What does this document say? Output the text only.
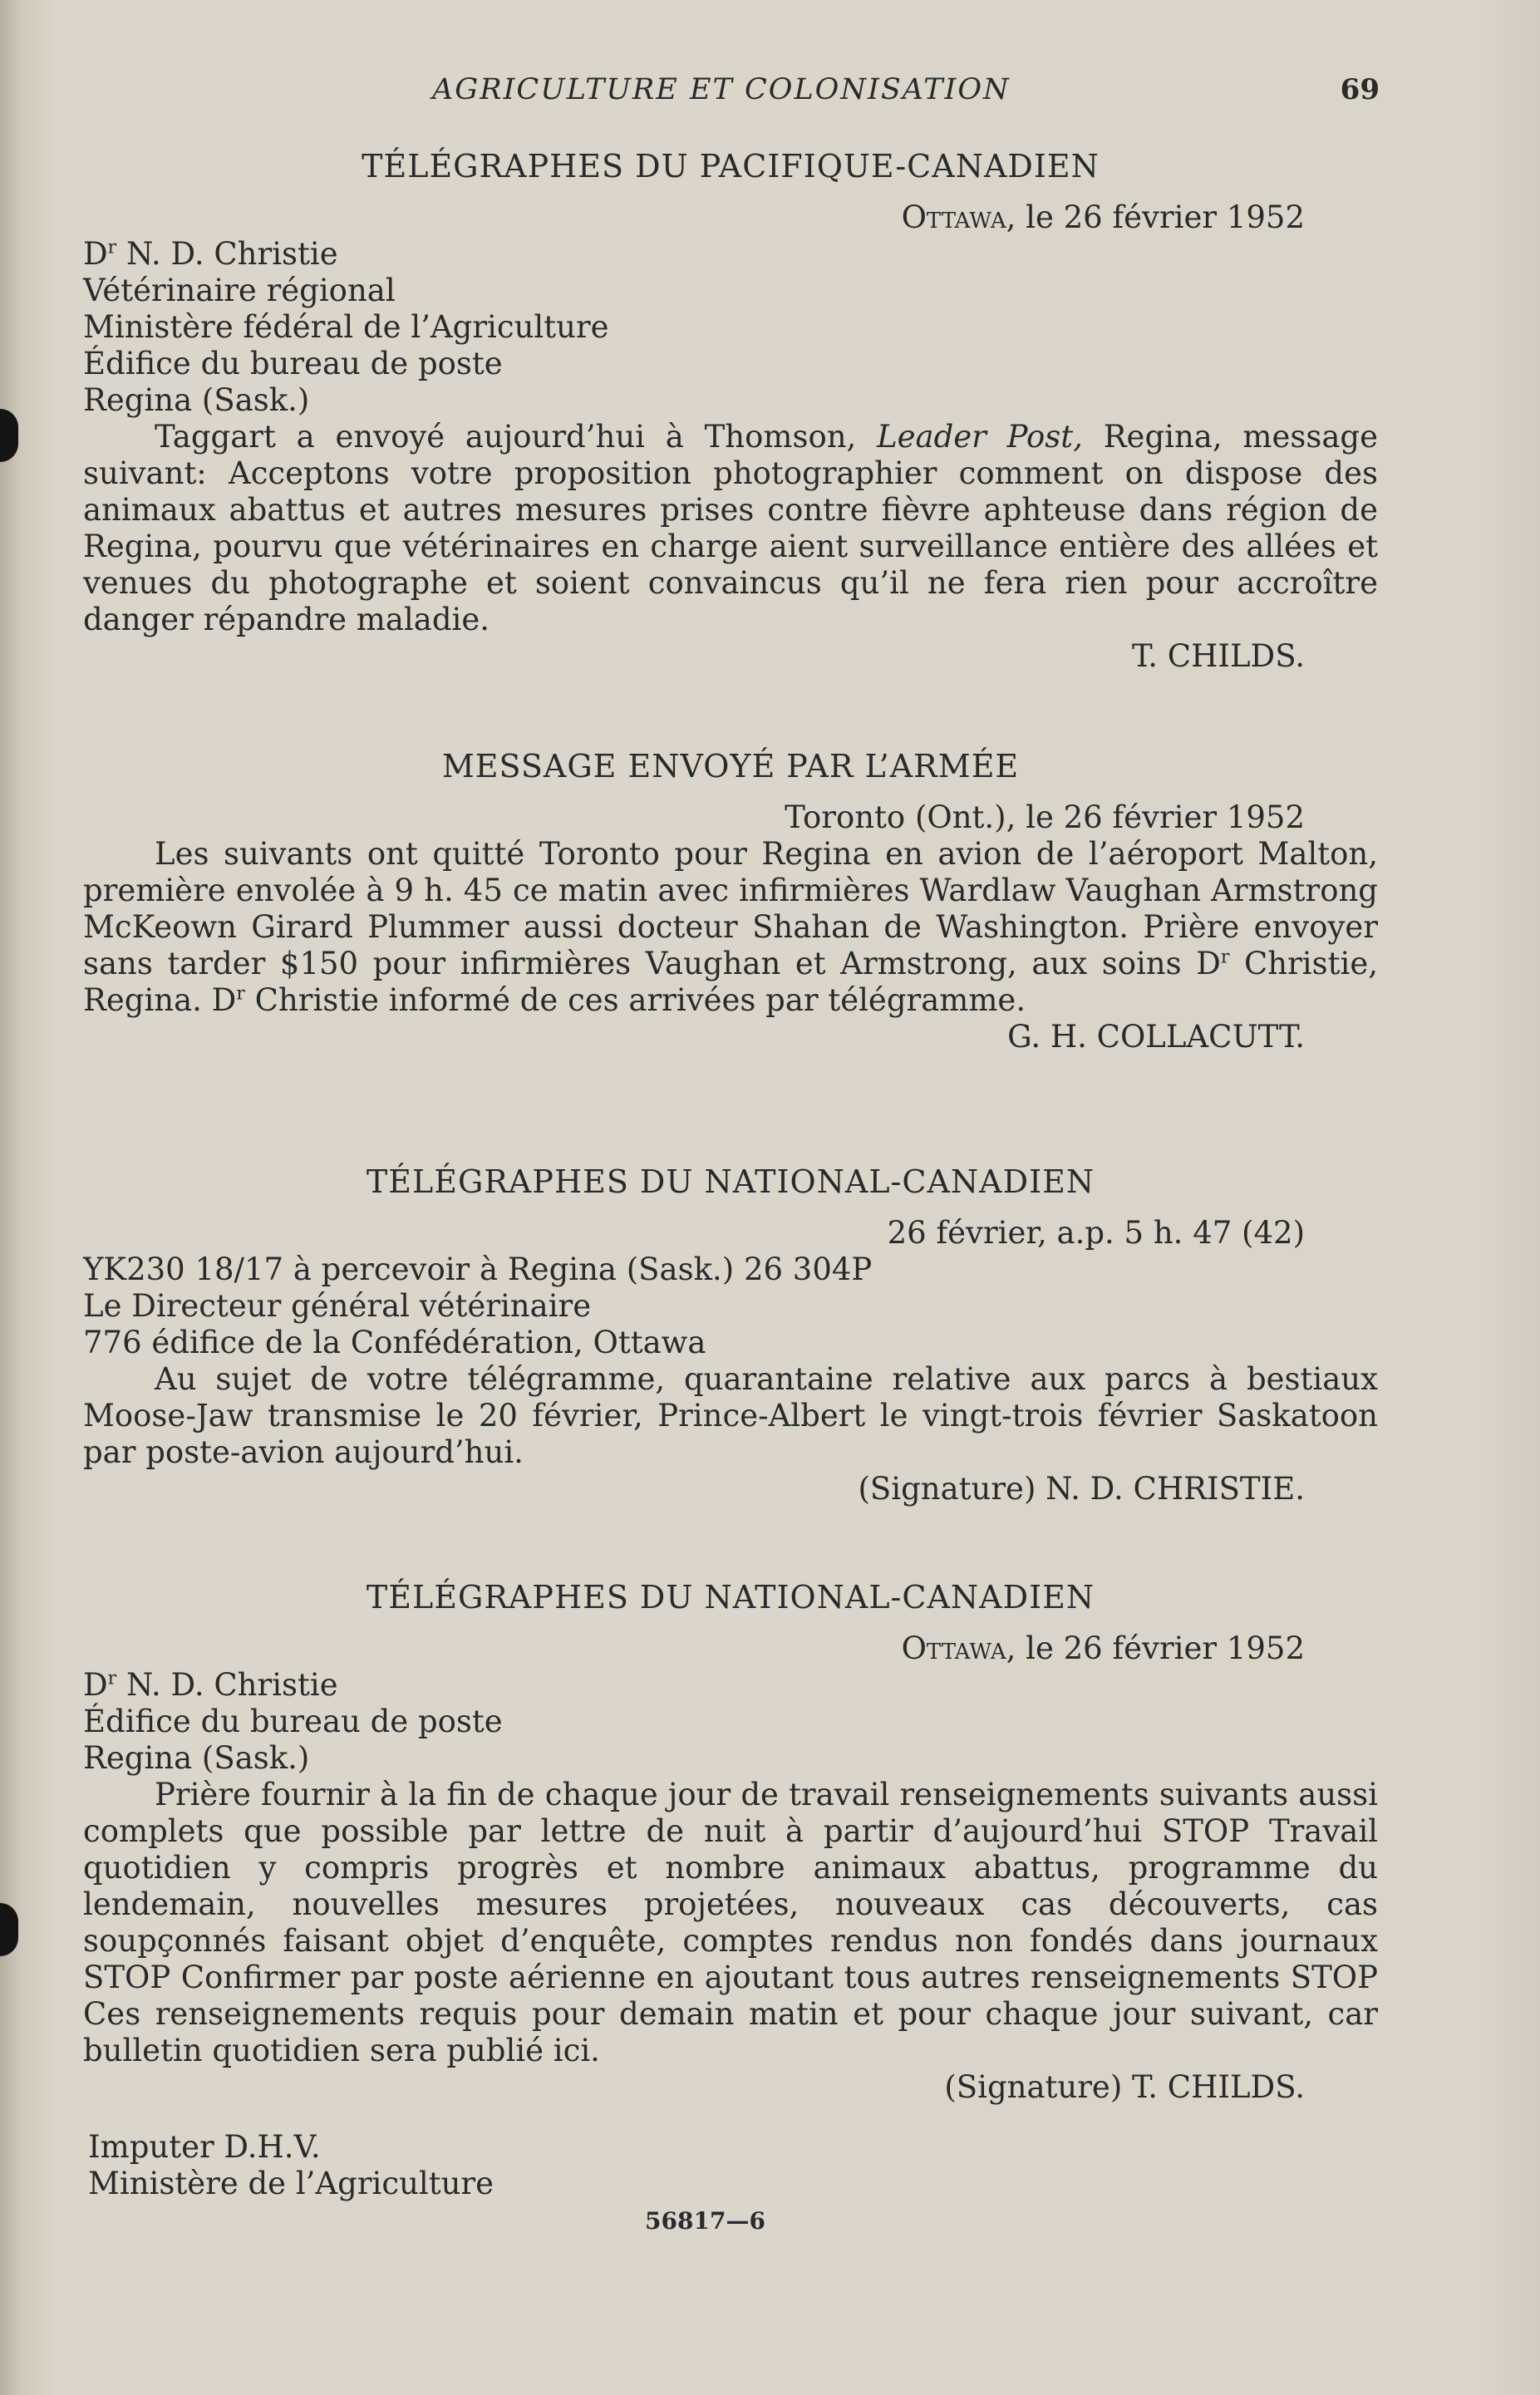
AGRICULTURE ET COLONISATION	69
TÉLÉGRAPHES DU PACIFIQUE-CANADIEN
Ottawa, le 26 février 1952
$D^r$ N. D. Christie
Vétérinaire régional
Ministère fédéral de l’Agriculture
Édifice du bureau de poste
Regina (Sask.)

Taggart a envoyé aujourd’hui à Thomson, Leader Post, Regina, message suivant: Acceptons votre proposition photographier comment on dispose des animaux abattus et autres mesures prises contre fièvre aphteuse dans région de Regina, pourvu que vétérinaires en charge aient surveillance entière des allées et venues du photographe et soient convaincus qu’il ne fera rien pour accroître danger répandre maladie.

T. CHILDS.
MESSAGE ENVOYÉ PAR L’ARMÉE
Toronto (Ont.), le 26 février 1952

Les suivants ont quitté Toronto pour Regina en avion de l’aéroport Malton, première envolée à 9 h. 45 ce matin avec infirmières Wardlaw Vaughan Armstrong McKeown Girard Plummer aussi docteur Shahan de Washington. Prière envoyer sans tarder $150 pour infirmières Vaughan et Armstrong, aux soins $D^r$ Christie, Regina. $D^r$ Christie informé de ces arrivées par télégramme.

G. H. COLLACUTT.
TÉLÉGRAPHES DU NATIONAL-CANADIEN
26 février, a.p. 5 h. 47 (42)
YK230 18/17 à percevoir à Regina (Sask.) 26 304P
Le Directeur général vétérinaire
776 édifice de la Confédération, Ottawa

Au sujet de votre télégramme, quarantaine relative aux parcs à bestiaux Moose-Jaw transmise le 20 février, Prince-Albert le vingt-trois février Saskatoon par poste-avion aujourd’hui.

(Signature) N. D. CHRISTIE.
TÉLÉGRAPHES DU NATIONAL-CANADIEN
Ottawa, le 26 février 1952
$D^r$ N. D. Christie
Édifice du bureau de poste
Regina (Sask.)

Prière fournir à la fin de chaque jour de travail renseignements suivants aussi complets que possible par lettre de nuit à partir d’aujourd’hui STOP Travail quotidien y compris progrès et nombre animaux abattus, programme du lendemain, nouvelles mesures projetées, nouveaux cas découverts, cas soupçonnés faisant objet d’enquête, comptes rendus non fondés dans journaux STOP Confirmer par poste aérienne en ajoutant tous autres renseignements STOP Ces renseignements requis pour demain matin et pour chaque jour suivant, car bulletin quotidien sera publié ici.

(Signature) T. CHILDS.
Imputer D.H.V.
Ministère de l’Agriculture
56817—6
